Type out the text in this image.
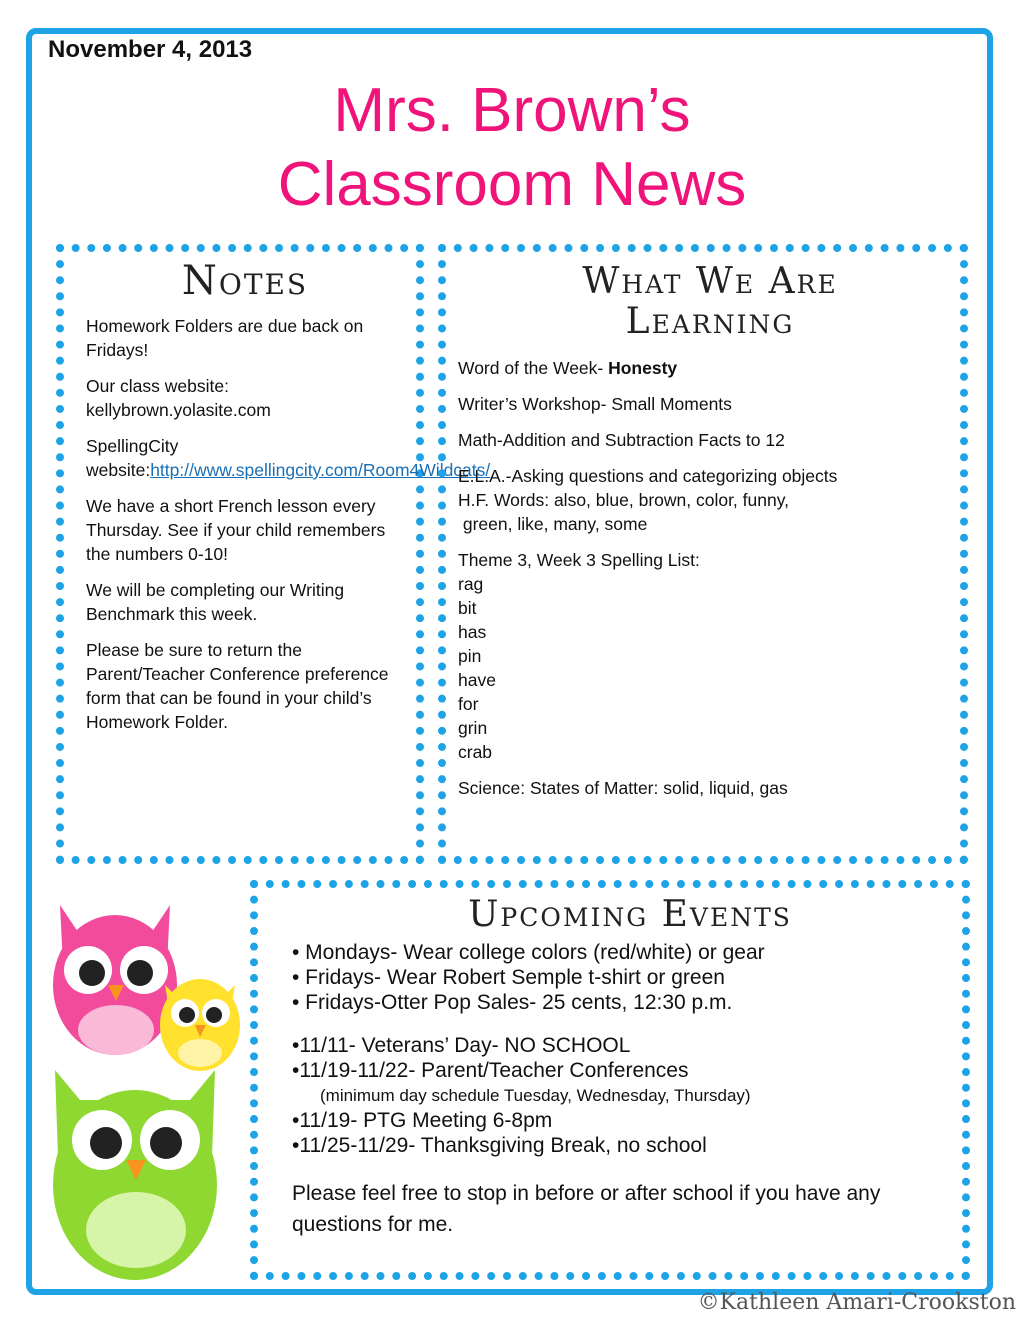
November 4, 2013
Mrs. Brown’s
Classroom News
Notes

Homework Folders are due back on Fridays!

Our class website: kellybrown.yolasite.com

SpellingCity website:http://www.spellingcity.com/Room4Wildcats/

We have a short French lesson every Thursday. See if your child remembers the numbers 0-10!

We will be completing our Writing Benchmark this week.

Please be sure to return the Parent/Teacher Conference preference form that can be found in your child’s Homework Folder.

What We Are
Learning

Word of the Week- Honesty

Writer’s Workshop- Small Moments

Math-Addition and Subtraction Facts to 12

E.L.A.-Asking questions and categorizing objects
H.F. Words: also, blue, brown, color, funny,
green, like, many, some

Theme 3, Week 3 Spelling List:

rag
bit
has
pin
have
for
grin
crab

Science: States of Matter: solid, liquid, gas

Upcoming Events

• Mondays- Wear college colors (red/white) or gear

• Fridays- Wear Robert Semple t-shirt or green

• Fridays-Otter Pop Sales- 25 cents, 12:30 p.m.

•11/11- Veterans’ Day- NO SCHOOL

•11/19-11/22- Parent/Teacher Conferences

(minimum day schedule Tuesday, Wednesday, Thursday)

•11/19- PTG Meeting 6-8pm

•11/25-11/29- Thanksgiving Break, no school

Please feel free to stop in before or after school if you have any questions for me.

©Kathleen Amari-Crookston
